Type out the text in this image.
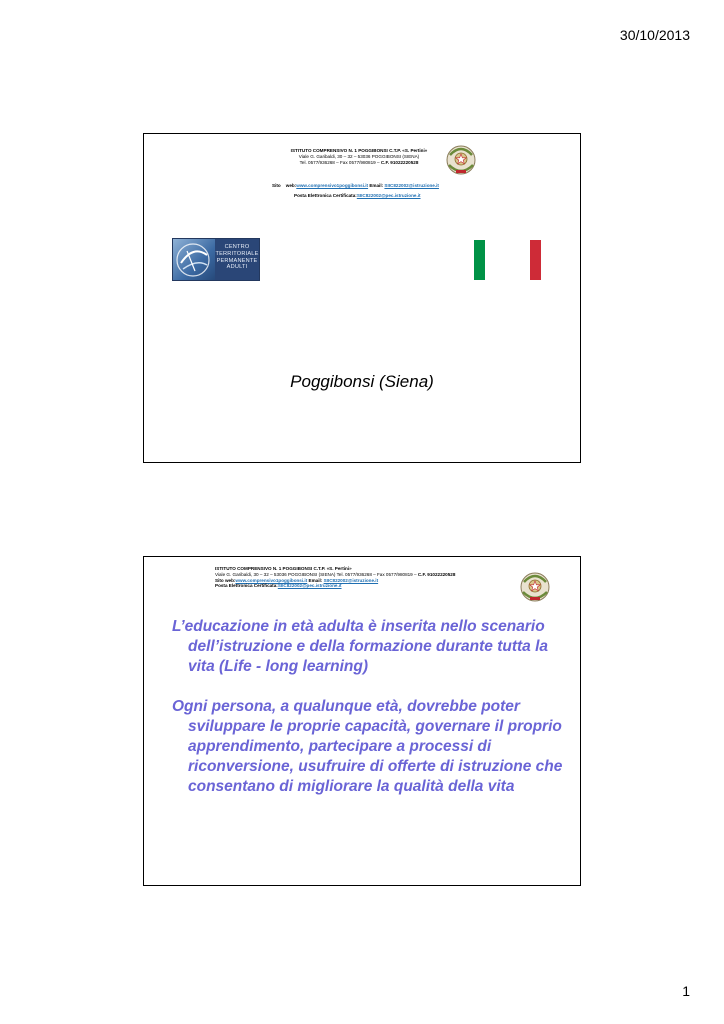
30/10/2013
ISTITUTO COMPRENSIVO N. 1 POGGIBONSI C.T.P. «S. Pertini»
Viale G. Garibaldi, 30 – 32 – 53036 POGGIBONSI (SIENA)
Tel. 0577/936268 – Fax 0577/980819 – C.F. 91022220528
Sito web:www.comprensivo1poggibonsi.it Email: SIIC822002@istruzione.it
Posta Elettronica Certificata:SIIC822002@pec.istruzione.it
CENTRO
TERRITORIALE
PERMANENTE
ADULTI
Poggibonsi (Siena)
ISTITUTO COMPRENSIVO N. 1 POGGIBONSI C.T.P. «S. Pertini»
Viale G. Garibaldi, 30 – 32 – 53036 POGGIBONSI (SIENA) Tel. 0577/936268 – Fax 0577/980819 – C.F. 91022220528
Sito web:www.comprensivo1poggibonsi.it Email: SIIC822002@istruzione.it
Posta Elettronica Certificata:SIIC822002@pec.istruzione.it
L’educazione in età adulta è inserita nello scenario dell’istruzione e della formazione durante tutta la vita (Life - long learning)
Ogni persona, a qualunque età, dovrebbe poter sviluppare le proprie capacità, governare il proprio apprendimento, partecipare a processi di riconversione, usufruire di offerte di istruzione che consentano di migliorare la qualità della vita
1
